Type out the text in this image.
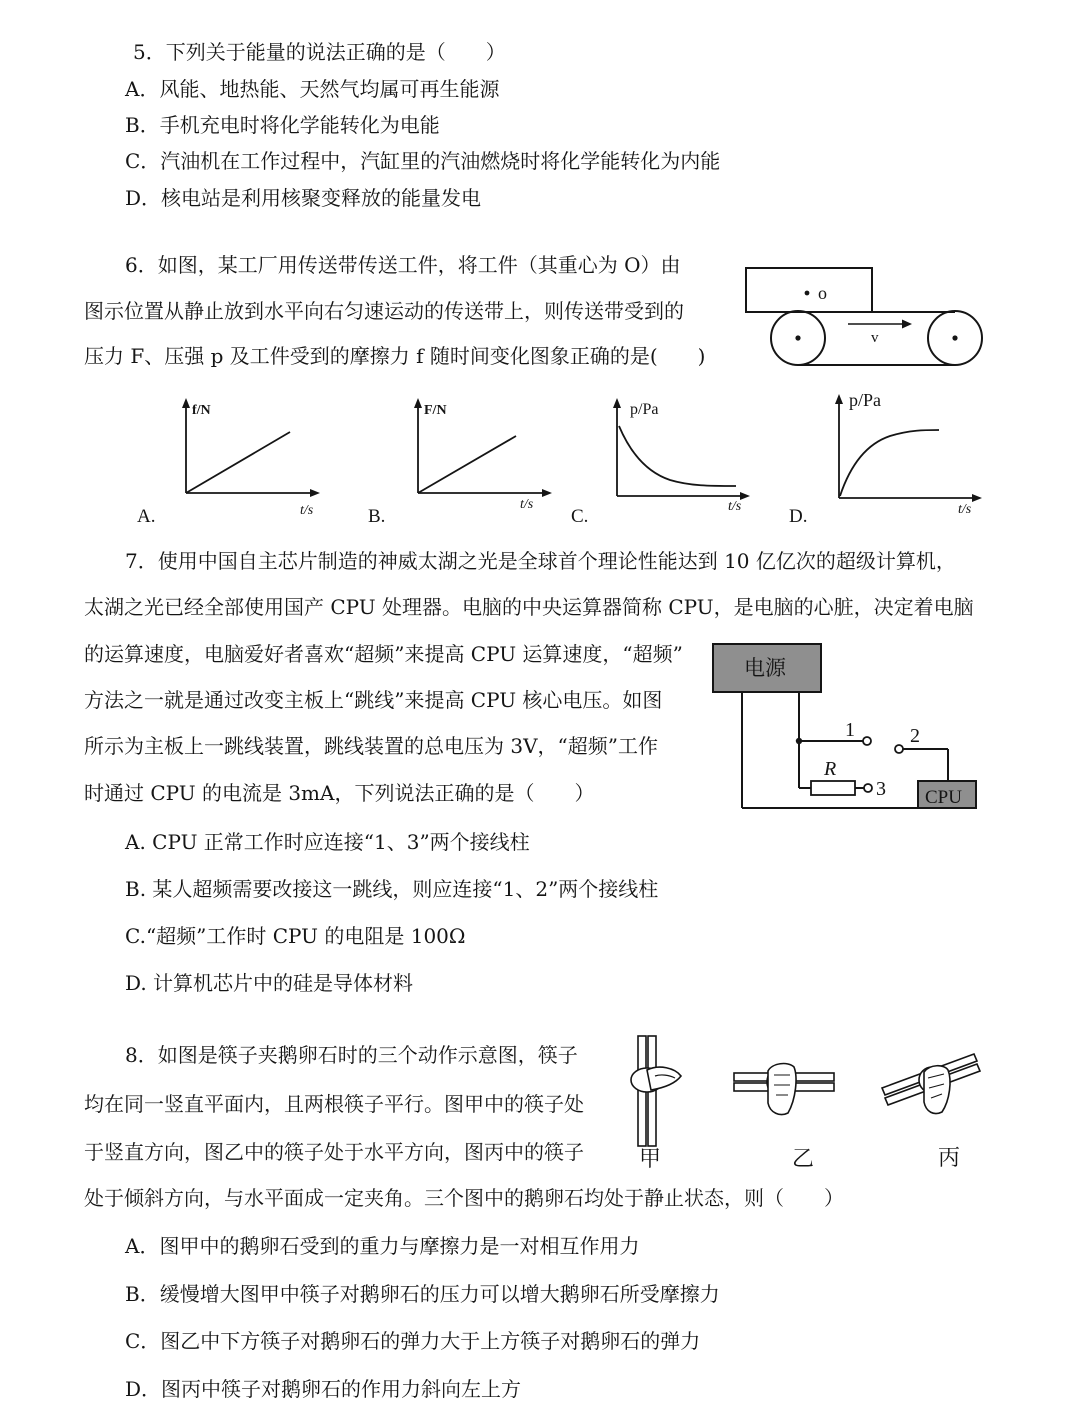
5．下列关于能量的说法正确的是（　　）
A．风能、地热能、天然气均属可再生能源
B．手机充电时将化学能转化为电能
C．汽油机在工作过程中，汽缸里的汽油燃烧时将化学能转化为内能
D．核电站是利用核聚变释放的能量发电
6．如图，某工厂用传送带传送工件，将工件（其重心为 O）由
图示位置从静止放到水平向右匀速运动的传送带上，则传送带受到的
压力 F、压强 p 及工件受到的摩擦力 f 随时间变化图象正确的是(　　)
o
v
f/N
t/s
A.
F/N
t/s
B.
p/Pa
t/s
C.
p/Pa
t/s
D.
7．使用中国自主芯片制造的神威太湖之光是全球首个理论性能达到 10 亿亿次的超级计算机，
太湖之光已经全部使用国产 CPU 处理器。电脑的中央运算器简称 CPU，是电脑的心脏，决定着电脑
的运算速度，电脑爱好者喜欢“超频”来提高 CPU 运算速度，“超频”
方法之一就是通过改变主板上“跳线”来提高 CPU 核心电压。如图
所示为主板上一跳线装置，跳线装置的总电压为 3V，“超频”工作
时通过 CPU 的电流是 3mA，下列说法正确的是（　　）
电源
1	2
R
3 CPU
A. CPU 正常工作时应连接“1、3”两个接线柱
B. 某人超频需要改接这一跳线，则应连接“1、2”两个接线柱
C.“超频”工作时 CPU 的电阻是 100Ω
D. 计算机芯片中的硅是导体材料
8．如图是筷子夹鹅卵石时的三个动作示意图，筷子
均在同一竖直平面内，且两根筷子平行。图甲中的筷子处
于竖直方向，图乙中的筷子处于水平方向，图丙中的筷子
处于倾斜方向，与水平面成一定夹角。三个图中的鹅卵石均处于静止状态，则（　　）
甲	乙	丙
A．图甲中的鹅卵石受到的重力与摩擦力是一对相互作用力
B．缓慢增大图甲中筷子对鹅卵石的压力可以增大鹅卵石所受摩擦力
C．图乙中下方筷子对鹅卵石的弹力大于上方筷子对鹅卵石的弹力
D．图丙中筷子对鹅卵石的作用力斜向左上方
